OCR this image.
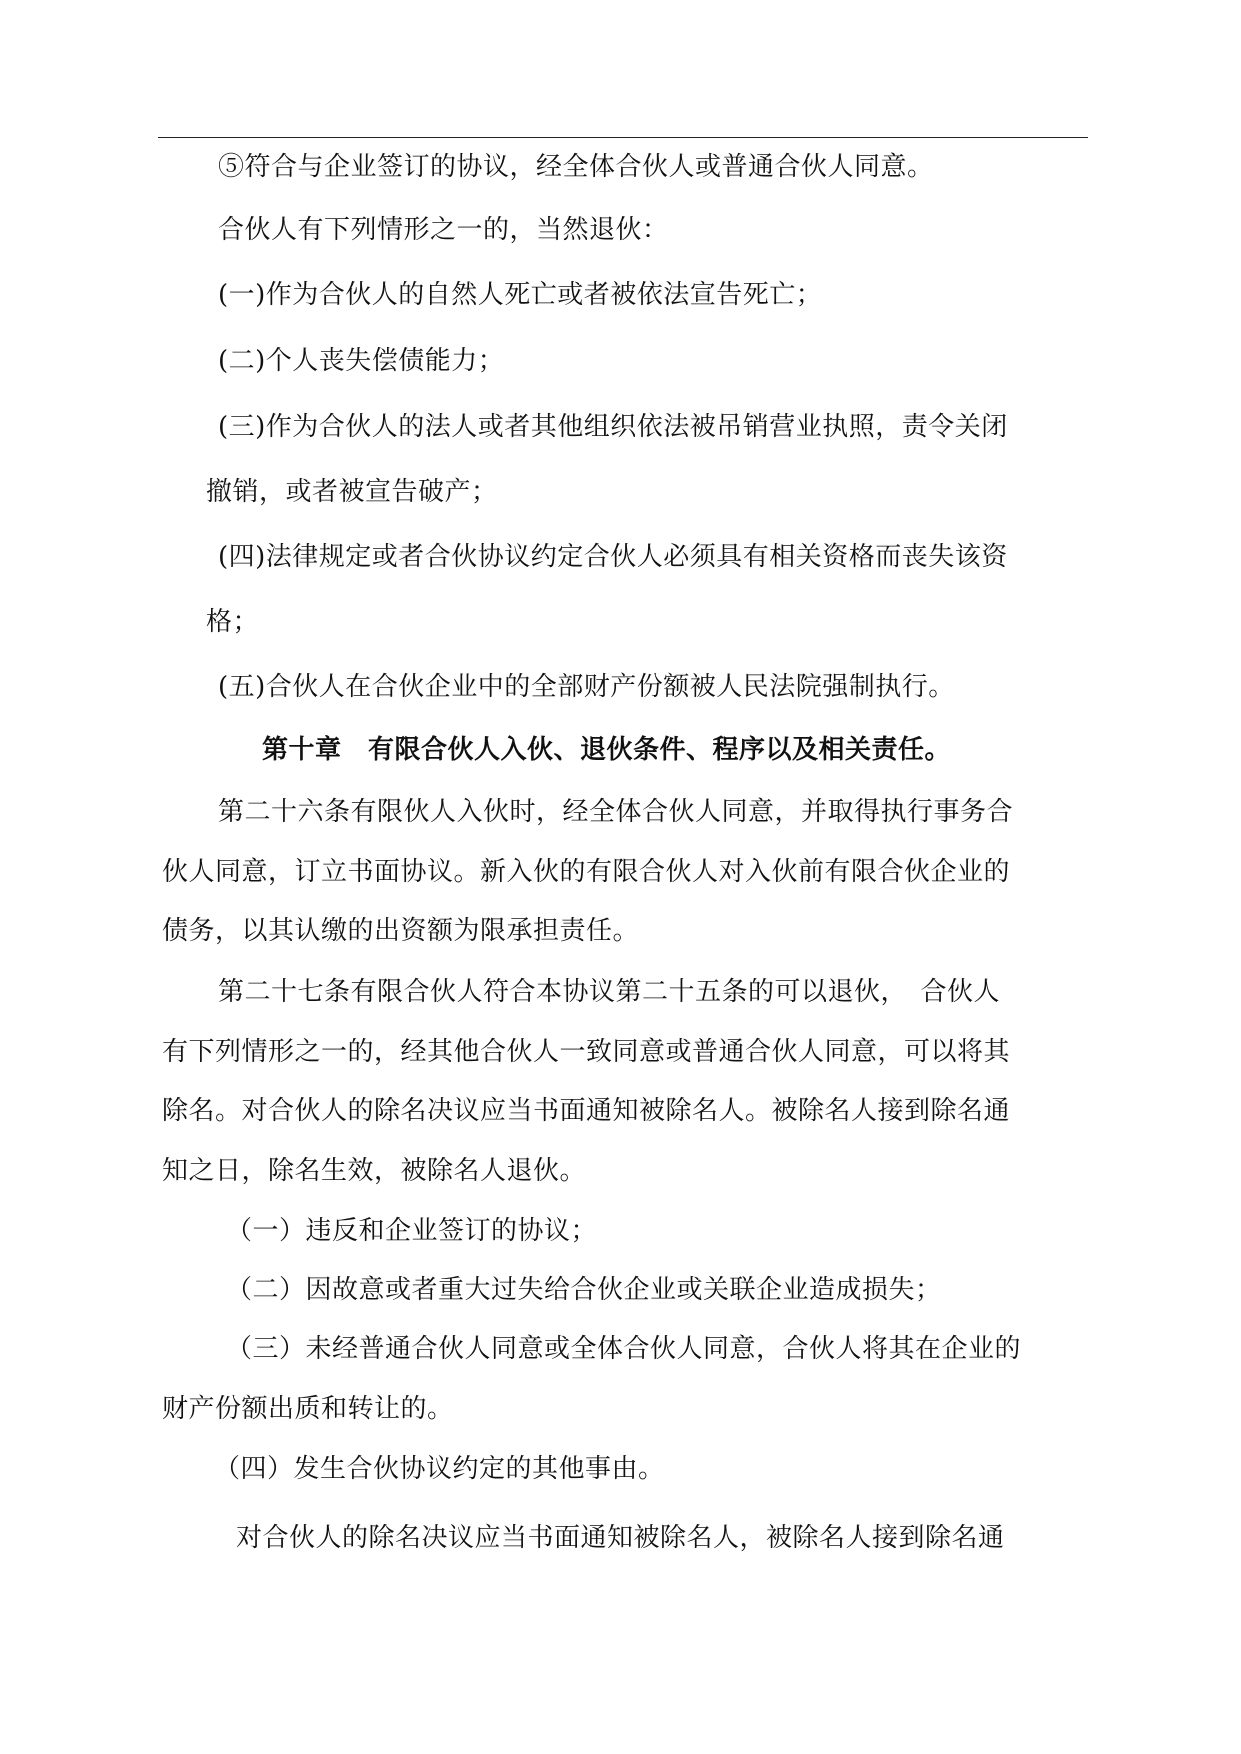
⑤符合与企业签订的协议，经全体合伙人或普通合伙人同意。
合伙人有下列情形之一的，当然退伙：
(一)作为合伙人的自然人死亡或者被依法宣告死亡；
(二)个人丧失偿债能力；
(三)作为合伙人的法人或者其他组织依法被吊销营业执照，责令关闭
撤销，或者被宣告破产；
(四)法律规定或者合伙协议约定合伙人必须具有相关资格而丧失该资
格；
(五)合伙人在合伙企业中的全部财产份额被人民法院强制执行。
第十章　有限合伙人入伙、退伙条件、程序以及相关责任。
第二十六条有限伙人入伙时，经全体合伙人同意，并取得执行事务合
伙人同意，订立书面协议。新入伙的有限合伙人对入伙前有限合伙企业的
债务，以其认缴的出资额为限承担责任。
第二十七条有限合伙人符合本协议第二十五条的可以退伙，　合伙人
有下列情形之一的，经其他合伙人一致同意或普通合伙人同意，可以将其
除名。对合伙人的除名决议应当书面通知被除名人。被除名人接到除名通
知之日，除名生效，被除名人退伙。
（一）违反和企业签订的协议；
（二）因故意或者重大过失给合伙企业或关联企业造成损失；
（三）未经普通合伙人同意或全体合伙人同意，合伙人将其在企业的
财产份额出质和转让的。
（四）发生合伙协议约定的其他事由。
对合伙人的除名决议应当书面通知被除名人，被除名人接到除名通
